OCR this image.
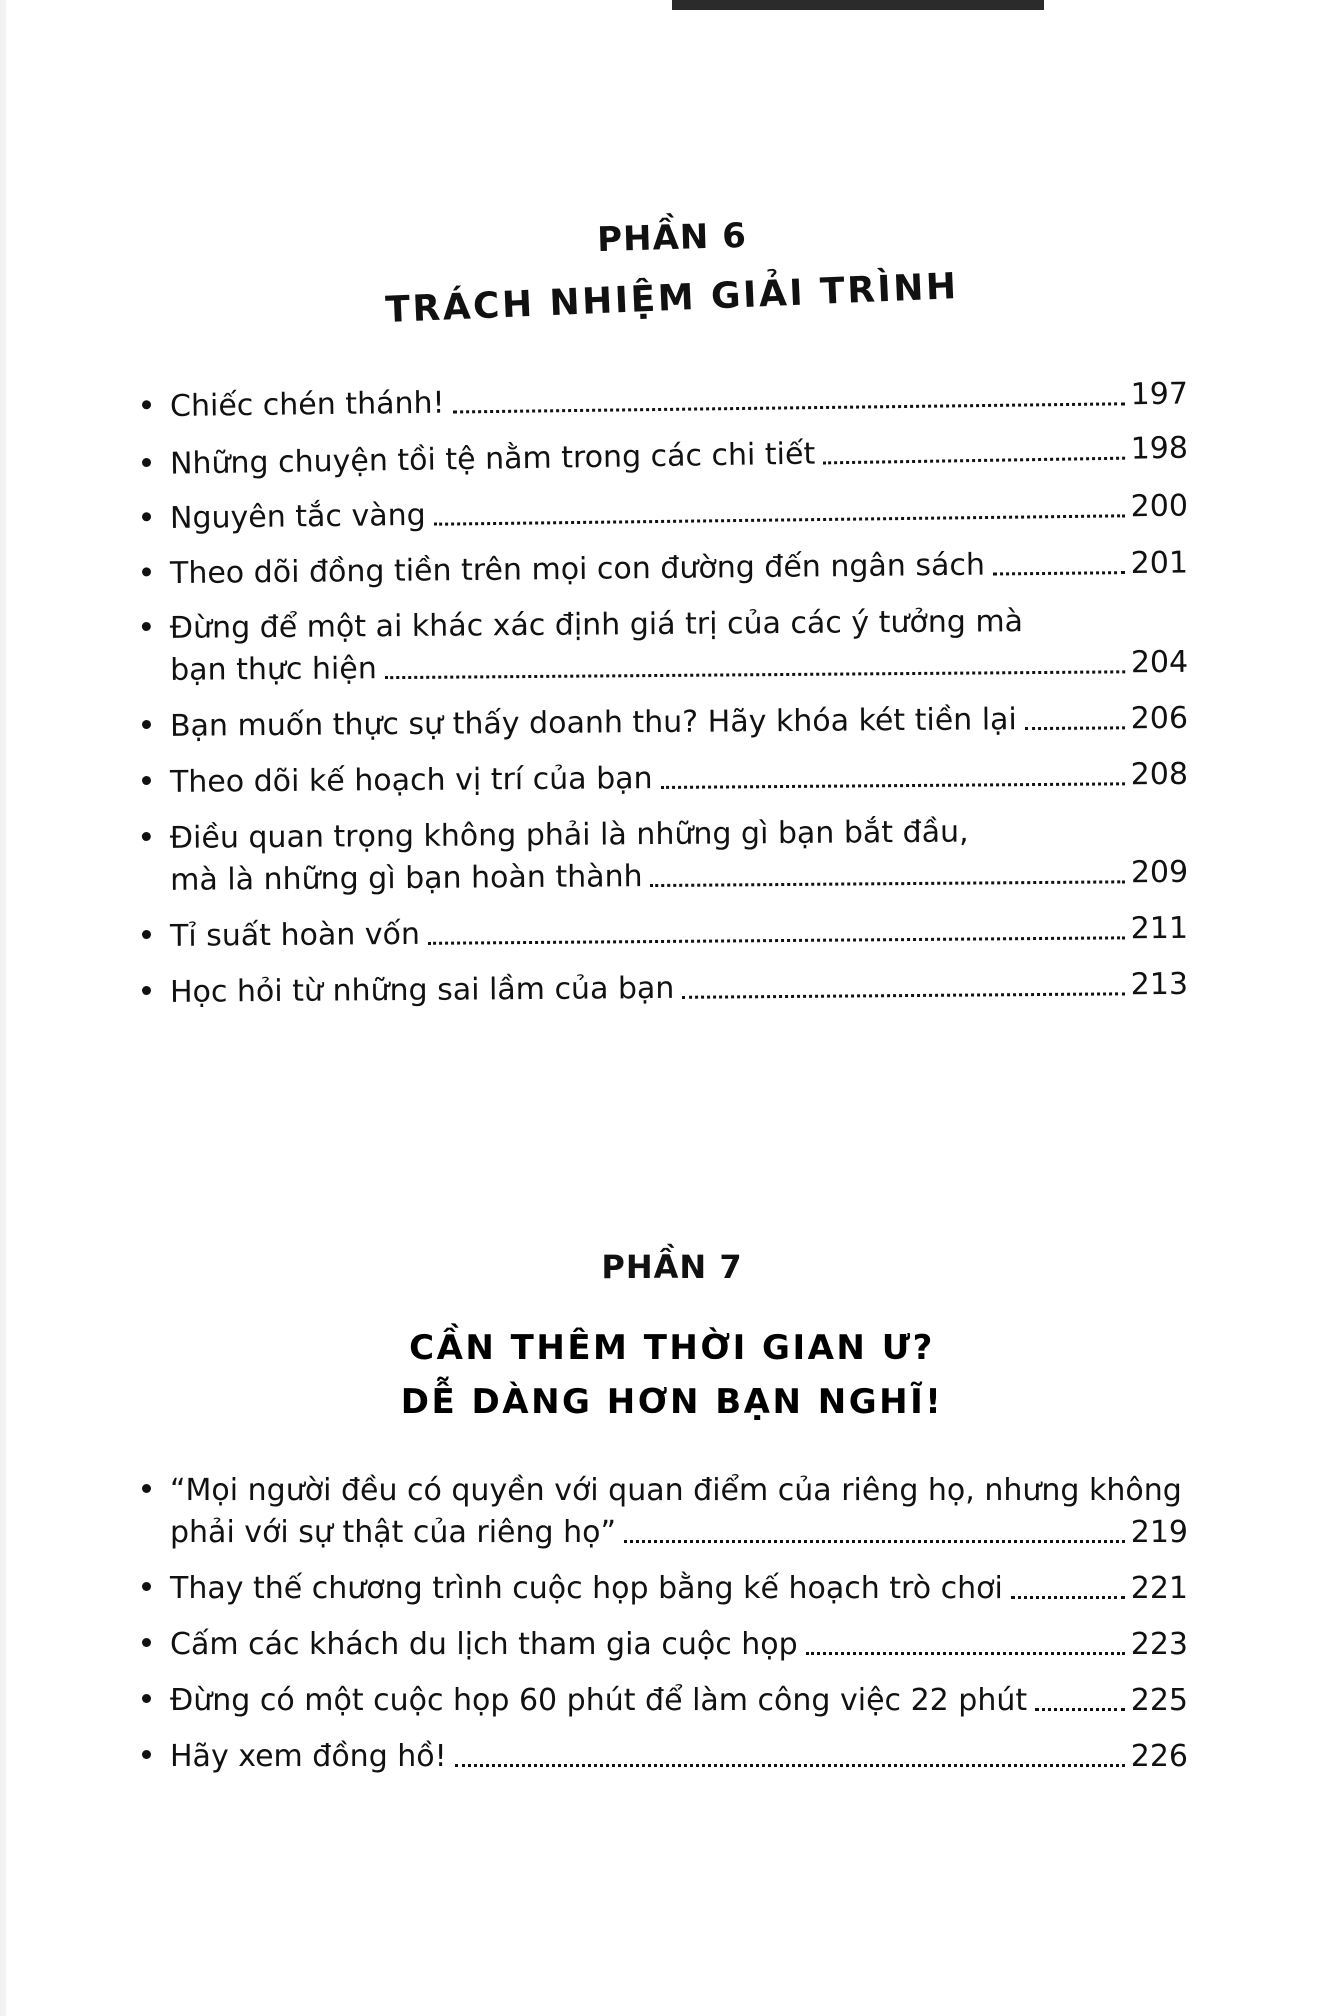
PHẦN 6
TRÁCH NHIỆM GIẢI TRÌNH
Chiếc chén thánh!	197
Những chuyện tồi tệ nằm trong các chi tiết	198
Nguyên tắc vàng	200
Theo dõi đồng tiền trên mọi con đường đến ngân sách	201
Đừng để một ai khác xác định giá trị của các ý tưởng mà
bạn thực hiện	204
Bạn muốn thực sự thấy doanh thu? Hãy khóa két tiền lại	206
Theo dõi kế hoạch vị trí của bạn	208
Điều quan trọng không phải là những gì bạn bắt đầu,
mà là những gì bạn hoàn thành	209
Tỉ suất hoàn vốn	211
Học hỏi từ những sai lầm của bạn	213
PHẦN 7
CẦN THÊM THỜI GIAN Ư?
DỄ DÀNG HƠN BẠN NGHĨ!
“Mọi người đều có quyền với quan điểm của riêng họ, nhưng không
phải với sự thật của riêng họ”	219
Thay thế chương trình cuộc họp bằng kế hoạch trò chơi	221
Cấm các khách du lịch tham gia cuộc họp	223
Đừng có một cuộc họp 60 phút để làm công việc 22 phút	225
Hãy xem đồng hồ!	226
